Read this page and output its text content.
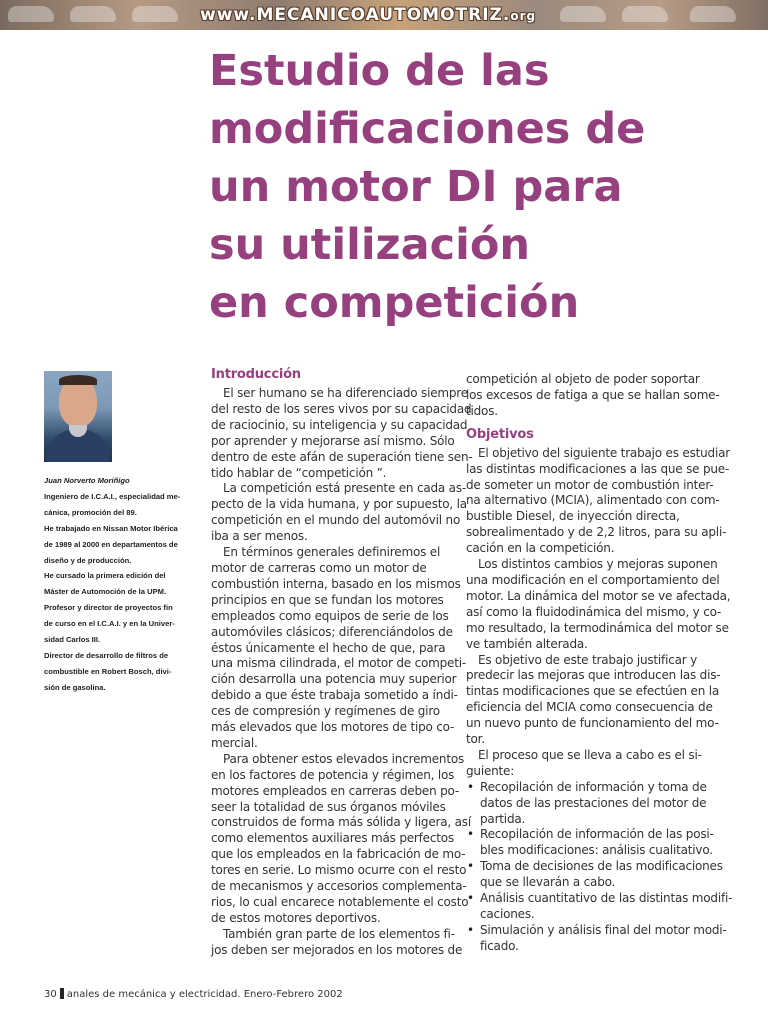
www.MECANICOAUTOMOTRIZ.org
Estudio de las
modificaciones de
un motor DI para
su utilización
en competición
Juan Norverto Moriñigo
Ingeniero de I.C.A.I., especialidad me-
cánica, promoción del 89.
He trabajado en Nissan Motor Ibérica
de 1989 al 2000 en departamentos de
diseño y de producción.
He cursado la primera edición del
Máster de Automoción de la UPM.
Profesor y director de proyectos fin
de curso en el I.C.A.I. y en la Univer-
sidad Carlos III.
Director de desarrollo de filtros de
combustible en Robert Bosch, divi-
sión de gasolina.
Introducción
El ser humano se ha diferenciado siempre
del resto de los seres vivos por su capacidad
de raciocinio, su inteligencia y su capacidad
por aprender y mejorarse así mismo. Sólo
dentro de este afán de superación tiene sen-
tido hablar de “competición ”.
La competición está presente en cada as-
pecto de la vida humana, y por supuesto, la
competición en el mundo del automóvil no
iba a ser menos.
En términos generales definiremos el
motor de carreras como un motor de
combustión interna, basado en los mismos
principios en que se fundan los motores
empleados como equipos de serie de los
automóviles clásicos; diferenciándolos de
éstos únicamente el hecho de que, para
una misma cilindrada, el motor de competi-
ción desarrolla una potencia muy superior
debido a que éste trabaja sometido a índi-
ces de compresión y regímenes de giro
más elevados que los motores de tipo co-
mercial.
Para obtener estos elevados incrementos
en los factores de potencia y régimen, los
motores empleados en carreras deben po-
seer la totalidad de sus órganos móviles
construidos de forma más sólida y ligera, así
como elementos auxiliares más perfectos
que los empleados en la fabricación de mo-
tores en serie. Lo mismo ocurre con el resto
de mecanismos y accesorios complementa-
rios, lo cual encarece notablemente el costo
de estos motores deportivos.
También gran parte de los elementos fi-
jos deben ser mejorados en los motores de
competición al objeto de poder soportar
los excesos de fatiga a que se hallan some-
tidos.
Objetivos
El objetivo del siguiente trabajo es estudiar
las distintas modificaciones a las que se pue-
de someter un motor de combustión inter-
na alternativo (MCIA), alimentado con com-
bustible Diesel, de inyección directa,
sobrealimentado y de 2,2 litros, para su apli-
cación en la competición.
Los distintos cambios y mejoras suponen
una modificación en el comportamiento del
motor. La dinámica del motor se ve afectada,
así como la fluidodinámica del mismo, y co-
mo resultado, la termodinámica del motor se
ve también alterada.
Es objetivo de este trabajo justificar y
predecir las mejoras que introducen las dis-
tintas modificaciones que se efectúen en la
eficiencia del MCIA como consecuencia de
un nuevo punto de funcionamiento del mo-
tor.
El proceso que se lleva a cabo es el si-
guiente:
• Recopilación de información y toma de
datos de las prestaciones del motor de
partida.
• Recopilación de información de las posi-
bles modificaciones: análisis cualitativo.
• Toma de decisiones de las modificaciones
que se llevarán a cabo.
• Análisis cuantitativo de las distintas modifi-
caciones.
• Simulación y análisis final del motor modi-
ficado.
30 anales de mecánica y electricidad. Enero-Febrero 2002
